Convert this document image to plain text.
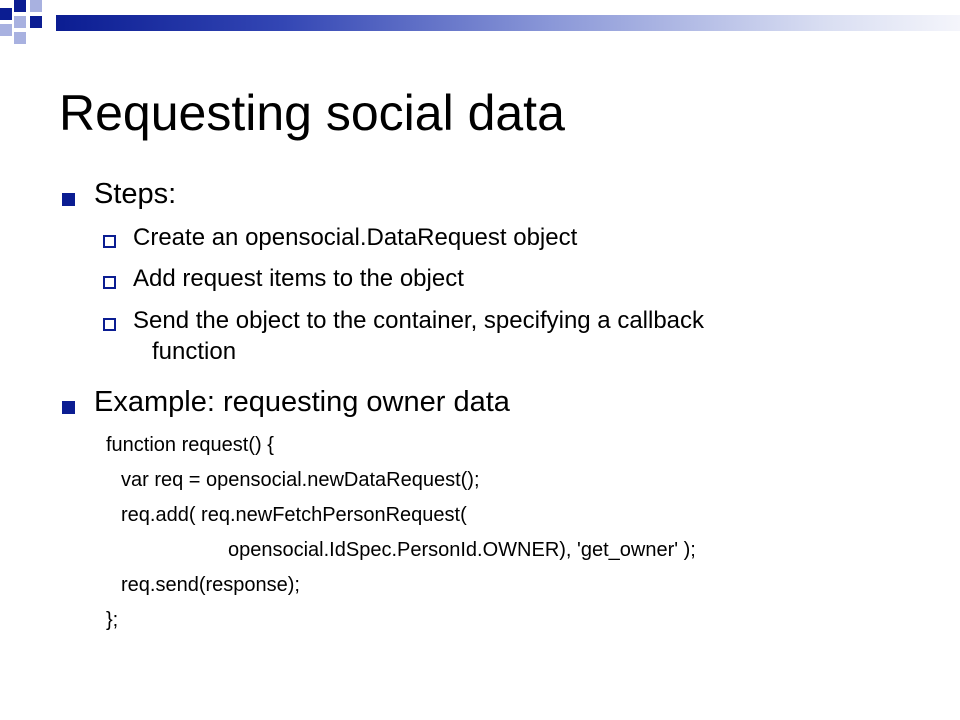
Requesting social data
Steps:
Create an opensocial.DataRequest object
Add request items to the object
Send the object to the container, specifying a callback
function
Example: requesting owner data
function request() {
var req = opensocial.newDataRequest();
req.add( req.newFetchPersonRequest(
opensocial.IdSpec.PersonId.OWNER), 'get_owner' );
req.send(response);
};
